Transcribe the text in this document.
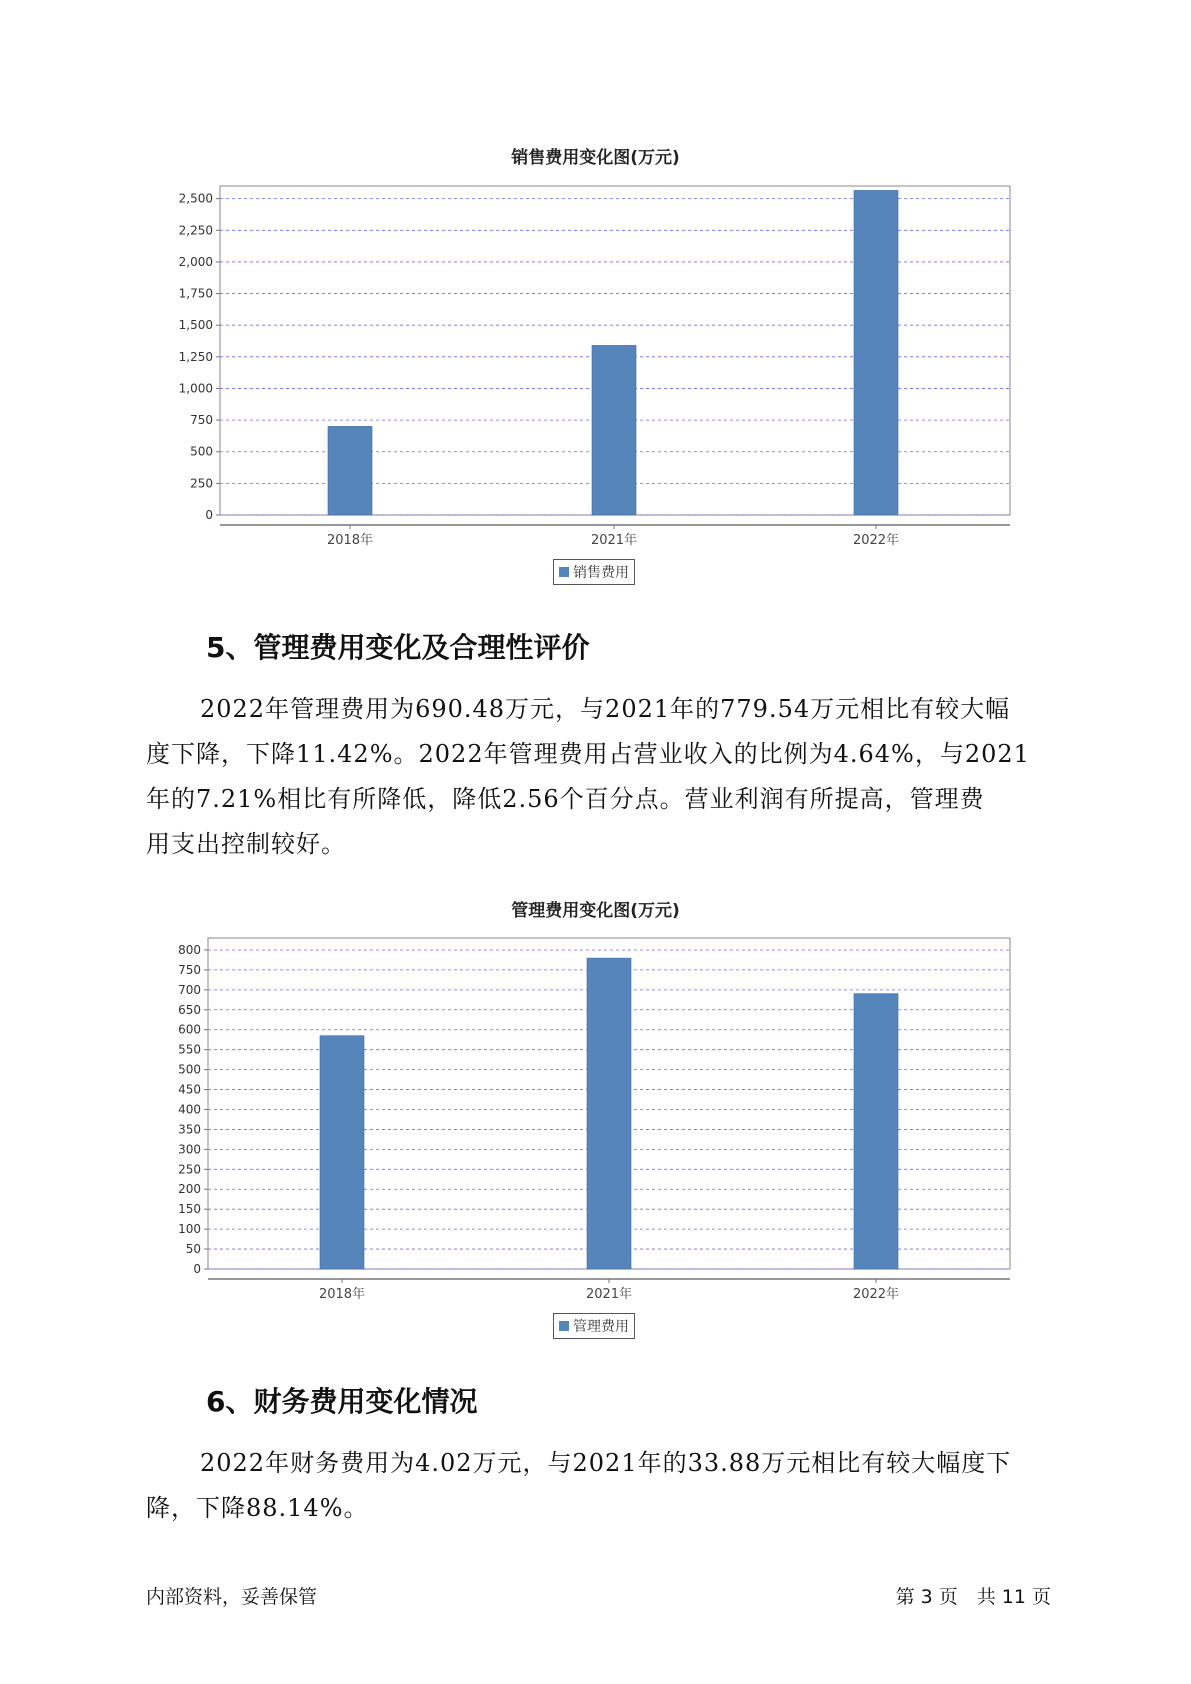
销售费用变化图(万元)
0
250
500
750
1,000
1,250
1,500
1,750
2,000
2,250
2,500
2018年	2021年	2022年
销售费用
5、管理费用变化及合理性评价

2022年管理费用为690.48万元，与2021年的779.54万元相比有较大幅
度下降，下降11.42%。2022年管理费用占营业收入的比例为4.64%，与2021
年的7.21%相比有所降低，降低2.56个百分点。营业利润有所提高，管理费
用支出控制较好。

管理费用变化图(万元)
0
50
100
150
200
250
300
350
400
450
500
550
600
650
700
750
800
2018年	2021年	2022年
管理费用
6、财务费用变化情况

2022年财务费用为4.02万元，与2021年的33.88万元相比有较大幅度下
降，下降88.14%。

内部资料，妥善保管	第 3 页　共 11 页
